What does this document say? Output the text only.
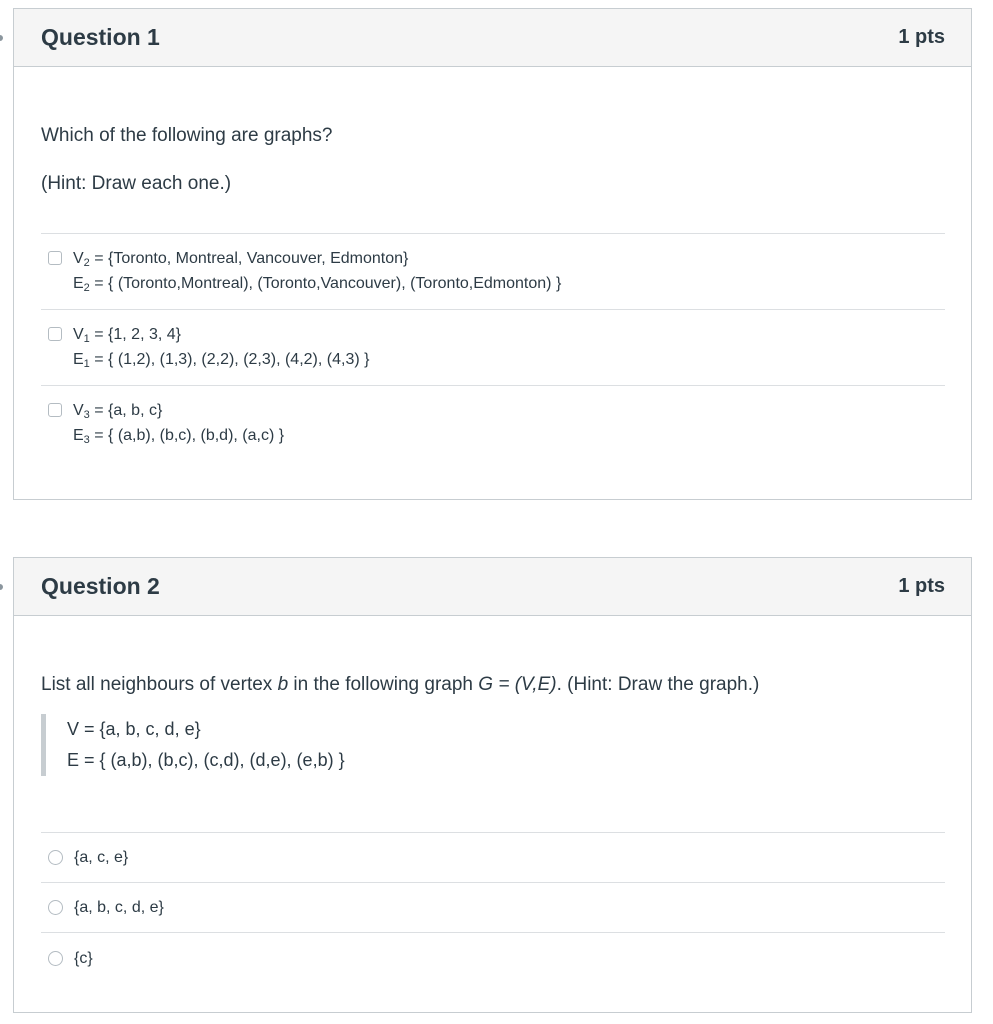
Question 1	1 pts

Which of the following are graphs?

(Hint: Draw each one.)

$V_2$ = {Toronto, Montreal, Vancouver, Edmonton}
$E_2$ = { (Toronto,Montreal), (Toronto,Vancouver), (Toronto,Edmonton) }
$V_1 = \{1$, 2, 3, 4}
$E_1$ = { (1,2), (1,3), (2,2), (2,3), (4,2), (4,3) }
$V_3 = \{a$, b, c}
$E_3$ = { (a,b), (b,c), (b,d), (a,c) }
Question 2	1 pts

List all neighbours of vertex b in the following graph G = (V,E). (Hint: Draw the graph.)

V = {a, b, c, d, e}
E = { (a,b), (b,c), (c,d), (d,e), (e,b) }
{a, c, e}
{a, b, c, d, e}
{c}
